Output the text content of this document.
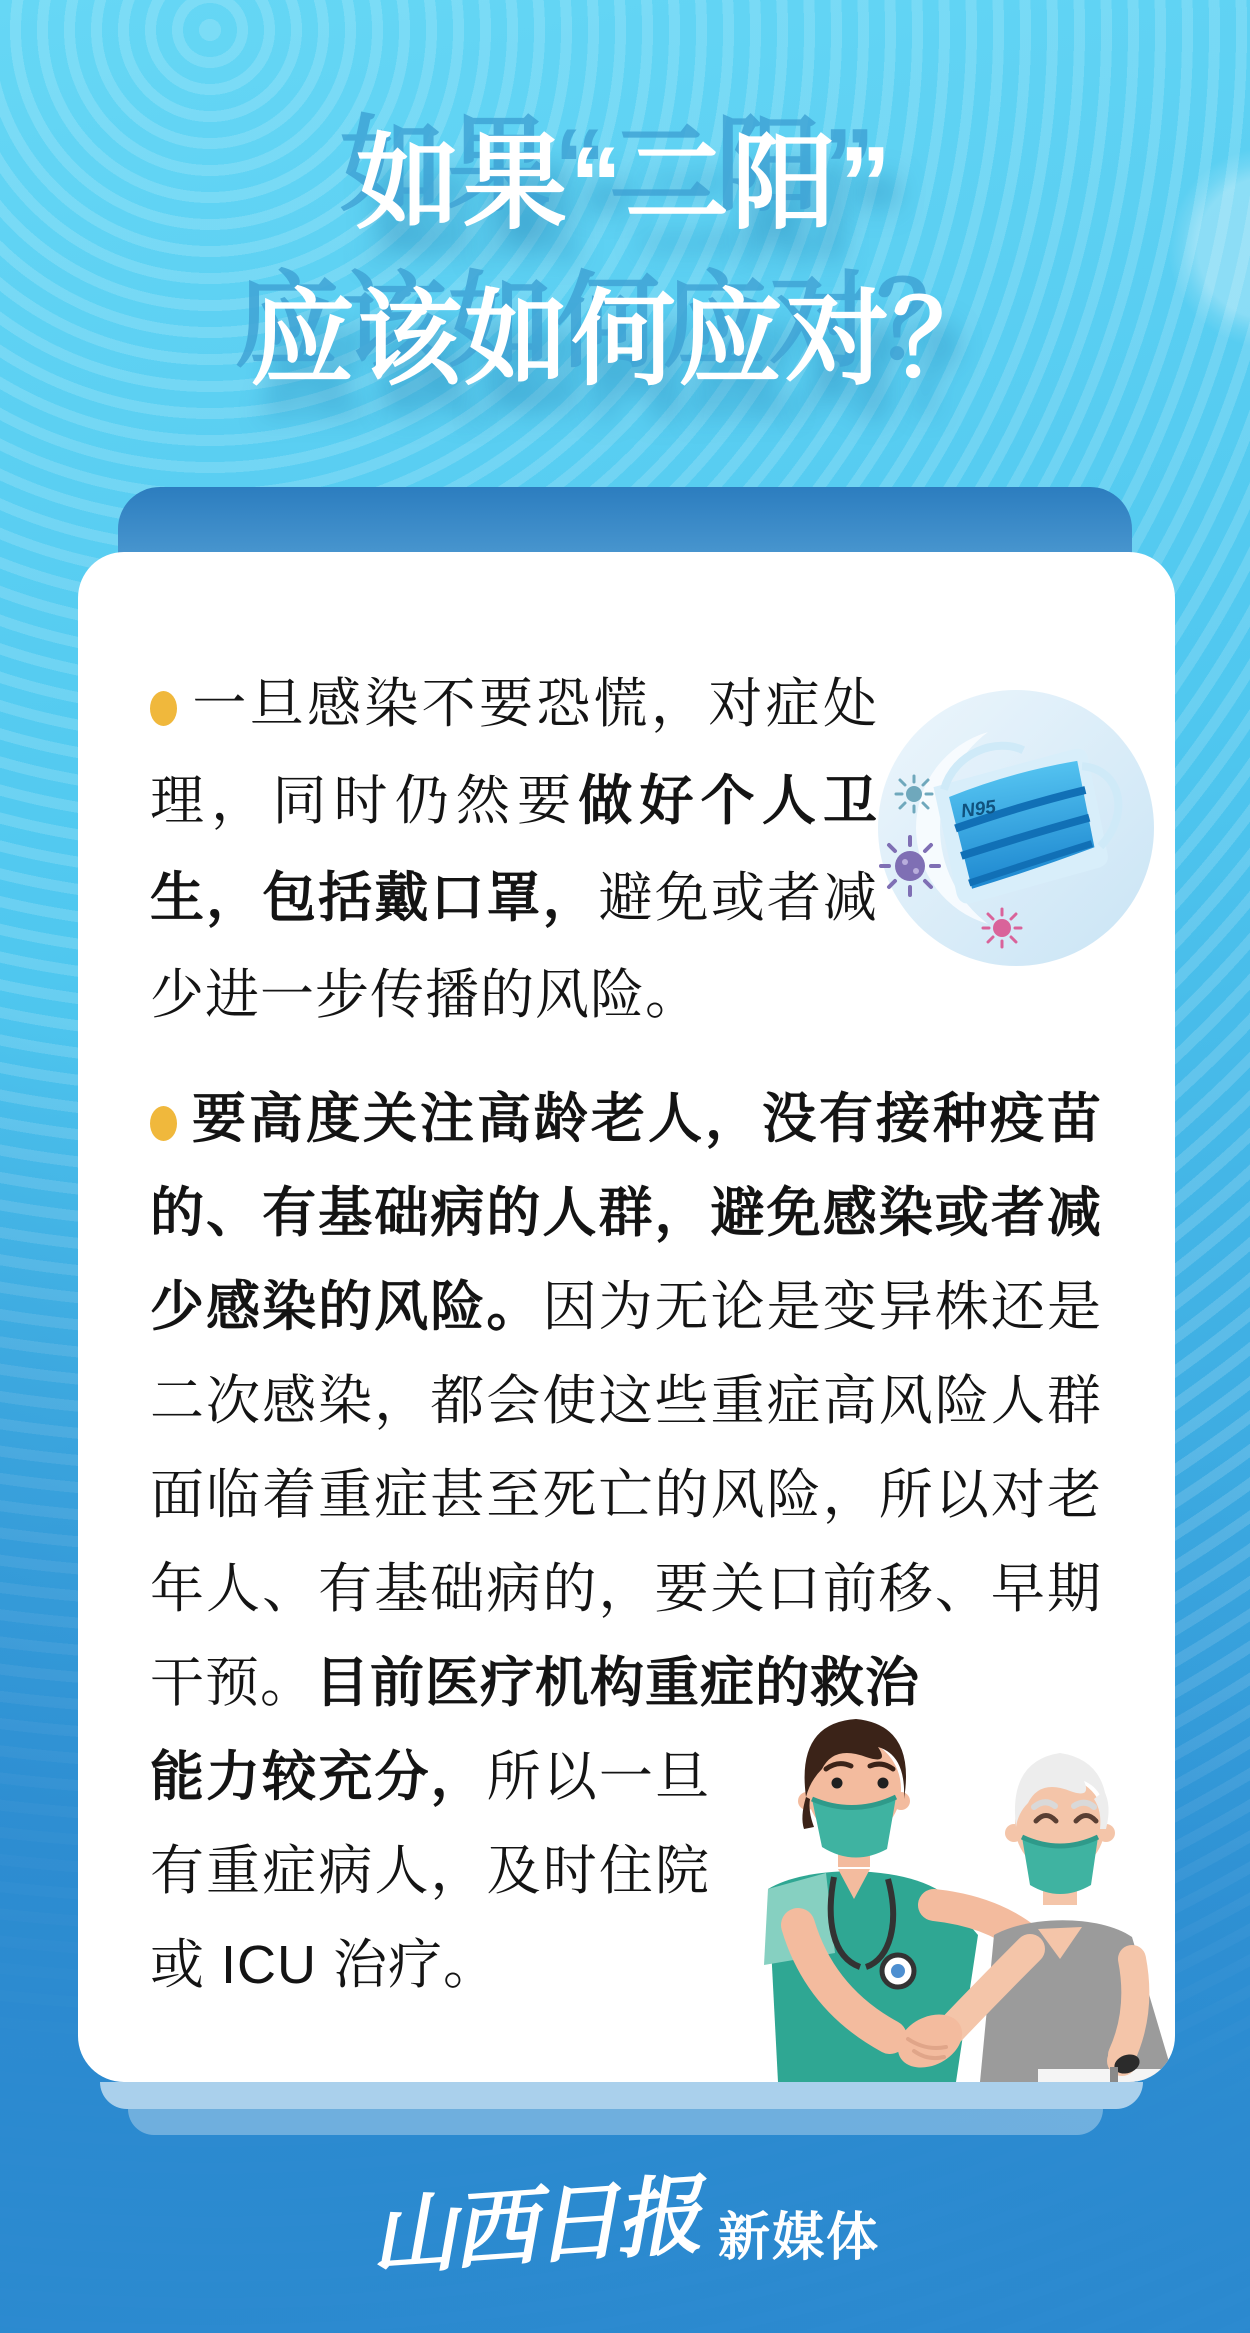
如果“二阳”
应该如何应对？
一旦感染不要恐慌，对症处理，同时仍然要做好个人卫生，包括戴口罩，避免或者减少进一步传播的风险。
N95
要高度关注高龄老人，没有接种疫苗的、有基础病的人群，避免感染或者减少感染的风险。因为无论是变异株还是二次感染，都会使这些重症高风险人群面临着重症甚至死亡的风险，所以对老年人、有基础病的，要关口前移、早期干预。目前医疗机构重症的救治
能力较充分，所以一旦有重症病人，及时住院或 ICU 治疗。
山西日报 新媒体
